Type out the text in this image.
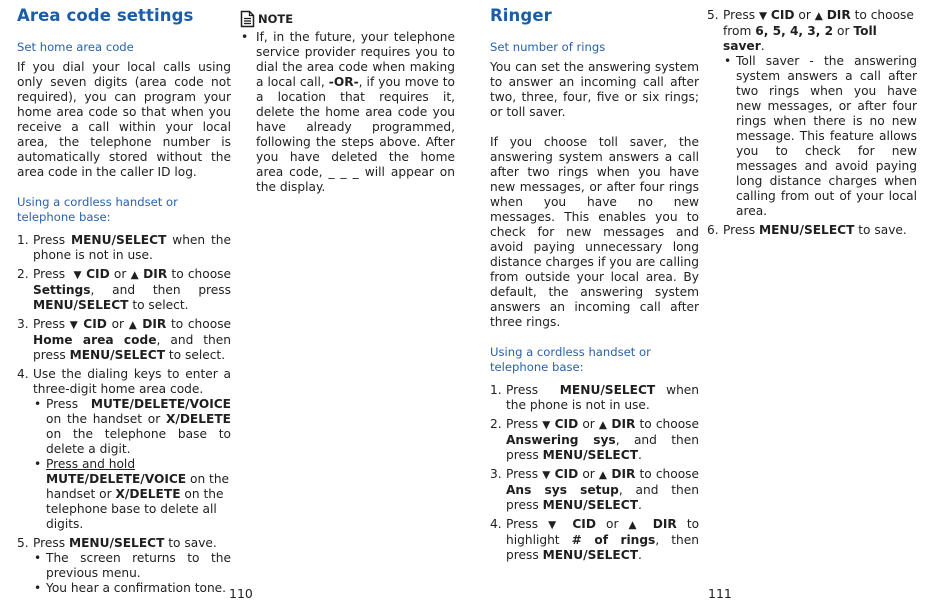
Area code settings

Set home area code

If you dial your local calls using only seven digits (area code not required), you can program your home area code so that when you receive a call within your local area, the telephone number is automatically stored without the area code in the caller ID log.

Using a cordless handset or telephone base:

1. Press MENU/SELECT when the phone is not in use.
2. Press  ▼ CID or ▲ DIR to choose Settings, and then press MENU/SELECT to select.
3. Press ▼ CID or ▲ DIR to choose Home area code, and then press MENU/SELECT to select.
4. Use the dialing keys to enter a three-digit home area code.
• Press MUTE/DELETE/VOICE on the handset or X/DELETE on the telephone base to delete a digit.
• Press and hold
MUTE/DELETE/VOICE on the handset or X/DELETE on the telephone base to delete all digits.
5. Press MENU/SELECT to save.
• The screen returns to the previous menu.
• You hear a confirmation tone.
NOTE
• If, in the future, your telephone service provider requires you to dial the area code when making a local call, -OR-, if you move to a location that requires it, delete the home area code you have already programmed, following the steps above. After you have deleted the home area code, _ _ _ will appear on the display.
Ringer

Set number of rings

You can set the answering system to answer an incoming call after two, three, four, five or six rings; or toll saver.

If you choose toll saver, the answering system answers a call after two rings when you have new messages, or after four rings when you have no new messages. This enables you to check for new messages and avoid paying unnecessary long distance charges if you are calling from outside your local area. By default, the answering system answers an incoming call after three rings.

Using a cordless handset or telephone base:

1. Press  MENU/SELECT when the phone is not in use.
2. Press ▼ CID or ▲ DIR to choose Answering sys, and then press MENU/SELECT.
3. Press ▼ CID or ▲ DIR to choose Ans sys setup, and then press MENU/SELECT.
4. Press ▼ CID or ▲ DIR to highlight # of rings, then press MENU/SELECT.
5. Press ▼ CID or ▲ DIR to choose from 6, 5, 4, 3, 2 or Toll saver.
• Toll saver - the answering system answers a call after two rings when you have new messages, or after four rings when there is no new message. This feature allows you to check for new messages and avoid paying long distance charges when calling from out of your local area.
6. Press MENU/SELECT to save.
110	111
